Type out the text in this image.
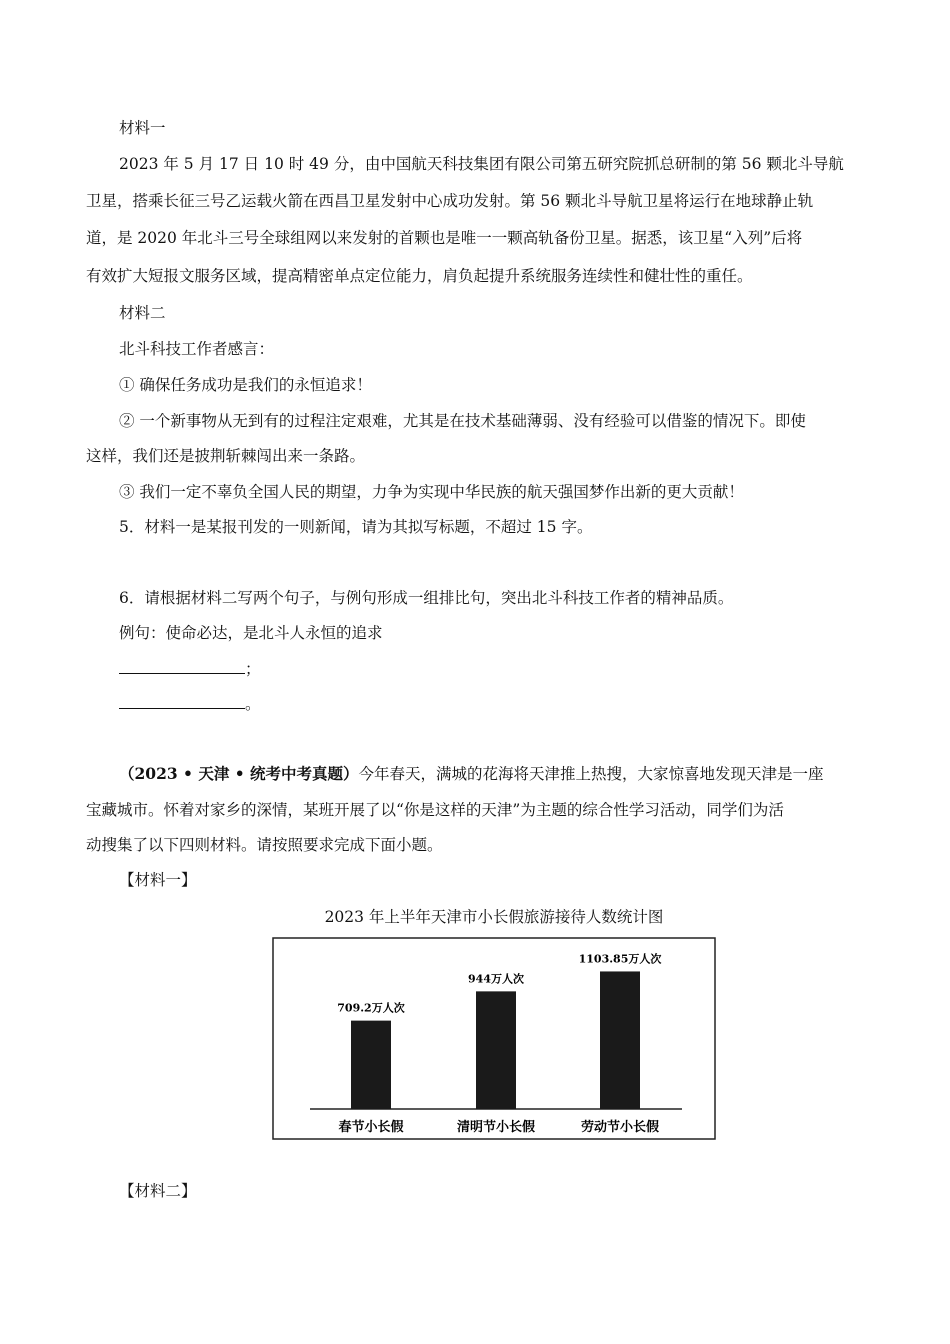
材料一
2023 年 5 月 17 日 10 时 49 分，由中国航天科技集团有限公司第五研究院抓总研制的第 56 颗北斗导航
卫星，搭乘长征三号乙运载火箭在西昌卫星发射中心成功发射。第 56 颗北斗导航卫星将运行在地球静止轨
道，是 2020 年北斗三号全球组网以来发射的首颗也是唯一一颗高轨备份卫星。据悉，该卫星“入列”后将
有效扩大短报文服务区域，提高精密单点定位能力，肩负起提升系统服务连续性和健壮性的重任。
材料二
北斗科技工作者感言：
① 确保任务成功是我们的永恒追求！
② 一个新事物从无到有的过程注定艰难，尤其是在技术基础薄弱、没有经验可以借鉴的情况下。即使
这样，我们还是披荆斩棘闯出来一条路。
③ 我们一定不辜负全国人民的期望，力争为实现中华民族的航天强国梦作出新的更大贡献！
5．材料一是某报刊发的一则新闻，请为其拟写标题，不超过 15 字。
6．请根据材料二写两个句子，与例句形成一组排比句，突出北斗科技工作者的精神品质。
例句：使命必达，是北斗人永恒的追求
；
。
（2023 • 天津 • 统考中考真题）今年春天，满城的花海将天津推上热搜，大家惊喜地发现天津是一座
宝藏城市。怀着对家乡的深情，某班开展了以“你是这样的天津”为主题的综合性学习活动，同学们为活
动搜集了以下四则材料。请按照要求完成下面小题。
【材料一】
2023 年上半年天津市小长假旅游接待人数统计图
709.2万人次
春节小长假
944万人次
清明节小长假
1103.85万人次
劳动节小长假
【材料二】
